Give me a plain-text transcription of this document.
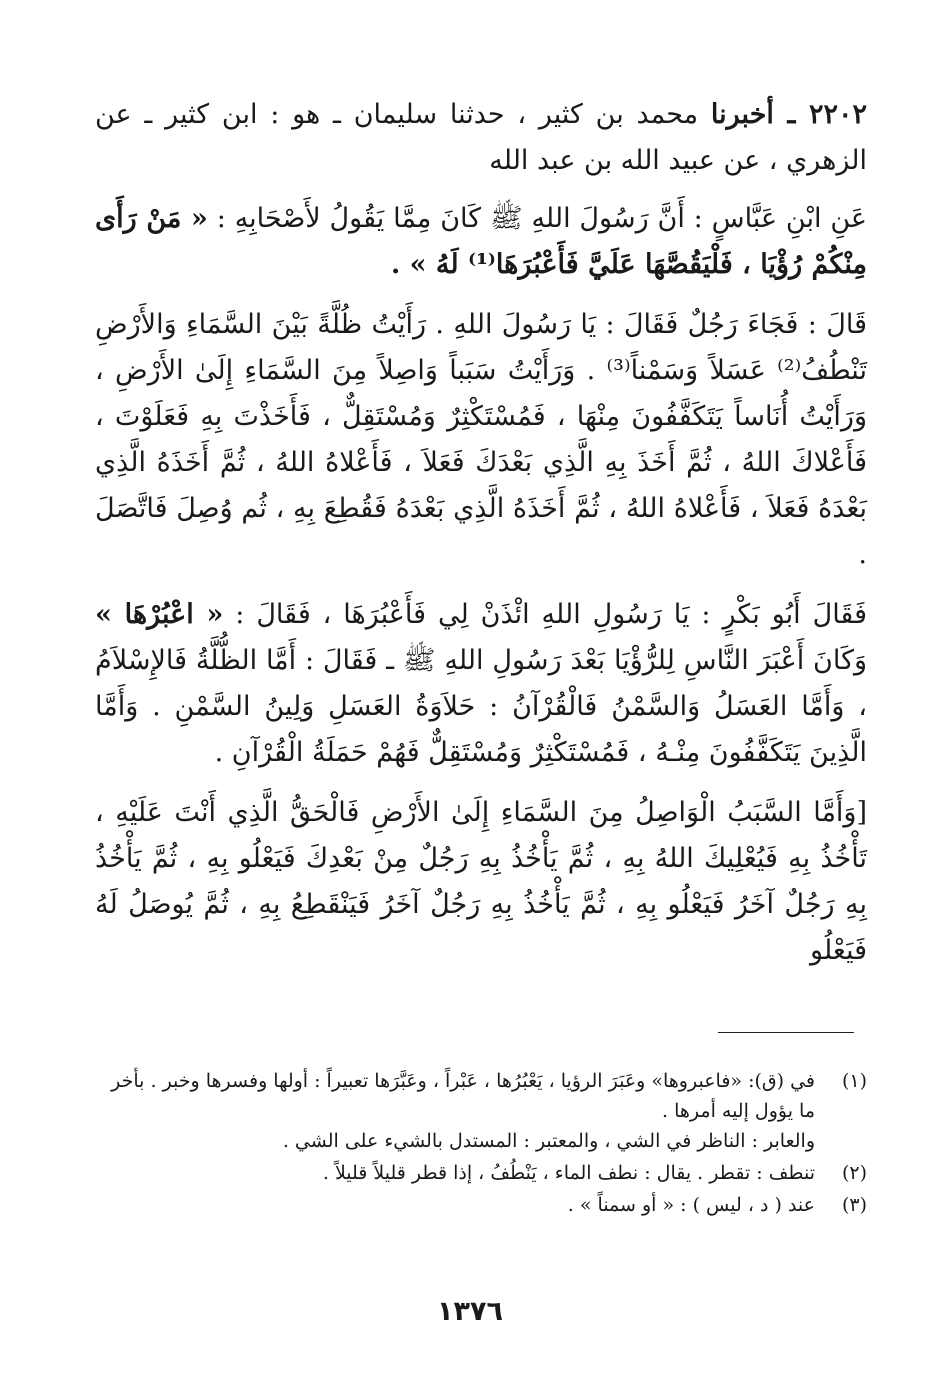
٢٢٠٢ ـ أخبرنا محمد بن كثير ، حدثنا سليمان ـ هو : ابن كثير ـ عن الزهري ، عن عبيد الله بن عبد الله

عَنِ ابْنِ عَبَّاسٍ : أَنَّ رَسُولَ اللهِ ﷺ كَانَ مِمَّا يَقُولُ لأَصْحَابِهِ : « مَنْ رَأَى مِنْكُمْ رُؤْيَا ، فَلْيَقُصَّهَا عَلَيَّ فَأَعْبُرَهَا⁽¹⁾ لَهُ » .

قَالَ : فَجَاءَ رَجُلٌ فَقَالَ : يَا رَسُولَ اللهِ . رَأَيْتُ ظُلَّةً بَيْنَ السَّمَاءِ وَالأَرْضِ تَنْطُفُ⁽²⁾ عَسَلاً وَسَمْناً⁽³⁾ . وَرَأَيْتُ سَبَباً وَاصِلاً مِنَ السَّمَاءِ إِلَىٰ الأَرْضِ ، وَرَأَيْتُ أُنَاساً يَتَكَفَّفُونَ مِنْهَا ، فَمُسْتَكْثِرٌ وَمُسْتَقِلٌّ ، فَأَخَذْتَ بِهِ فَعَلَوْتَ ، فَأَعْلاكَ اللهُ ، ثُمَّ أَخَذَ بِهِ الَّذِي بَعْدَكَ فَعَلاَ ، فَأَعْلاهُ اللهُ ، ثُمَّ أَخَذَهُ الَّذِي بَعْدَهُ فَعَلاَ ، فَأَعْلاهُ اللهُ ، ثُمَّ أَخَذَهُ الَّذِي بَعْدَهُ فَقُطِعَ بِهِ ، ثُم وُصِلَ فَاتَّصَلَ .

فَقَالَ أَبُو بَكْرٍ : يَا رَسُولِ اللهِ ائْذَنْ لِي فَأَعْبُرَهَا ، فَقَالَ : « اعْبُرْهَا » وَكَانَ أَعْبَرَ النَّاسِ لِلرُّؤْيَا بَعْدَ رَسُولِ اللهِ ﷺ ـ فَقَالَ : أَمَّا الظُّلَّةُ فَالإِسْلاَمُ ، وَأَمَّا العَسَلُ وَالسَّمْنُ فَالْقُرْآنُ : حَلاَوَةُ العَسَلِ وَلِينُ السَّمْنِ . وَأَمَّا الَّذِينَ يَتَكَفَّفُونَ مِنْـهُ ، فَمُسْتَكْثِرٌ وَمُسْتَقِلٌّ فَهُمْ حَمَلَةُ الْقُرْآنِ .

[وَأَمَّا السَّبَبُ الْوَاصِلُ مِنَ السَّمَاءِ إِلَىٰ الأَرْضِ فَالْحَقُّ الَّذِي أَنْتَ عَلَيْهِ ، تَأْخُذُ بِهِ فَيُعْلِيكَ اللهُ بِهِ ، ثُمَّ يَأْخُذُ بِهِ رَجُلٌ مِنْ بَعْدِكَ فَيَعْلُو بِهِ ، ثُمَّ يَأْخُذُ بِهِ رَجُلٌ آخَرُ فَيَعْلُو بِهِ ، ثُمَّ يَأْخُذُ بِهِ رَجُلٌ آخَرُ فَيَنْقَطِعُ بِهِ ، ثُمَّ يُوصَلُ لَهُ فَيَعْلُو

(١)
في (ق): «فاعبروها» وعَبَرَ الرؤيا ، يَعْبُرُها ، عَبْراً ، وعَبَّرَها تعبيراً : أولها وفسرها وخبر . بأخر ما يؤول إليه أمرها .
والعابر : الناظر في الشي ، والمعتبر : المستدل بالشيء على الشي .
(٢)
تنطف : تقطر . يقال : نطف الماء ، يَنْطُفُ ، إذا قطر قليلاً قليلاً .
(٣)
عند ( د ، ليس ) : « أو سمناً » .
١٣٧٦
